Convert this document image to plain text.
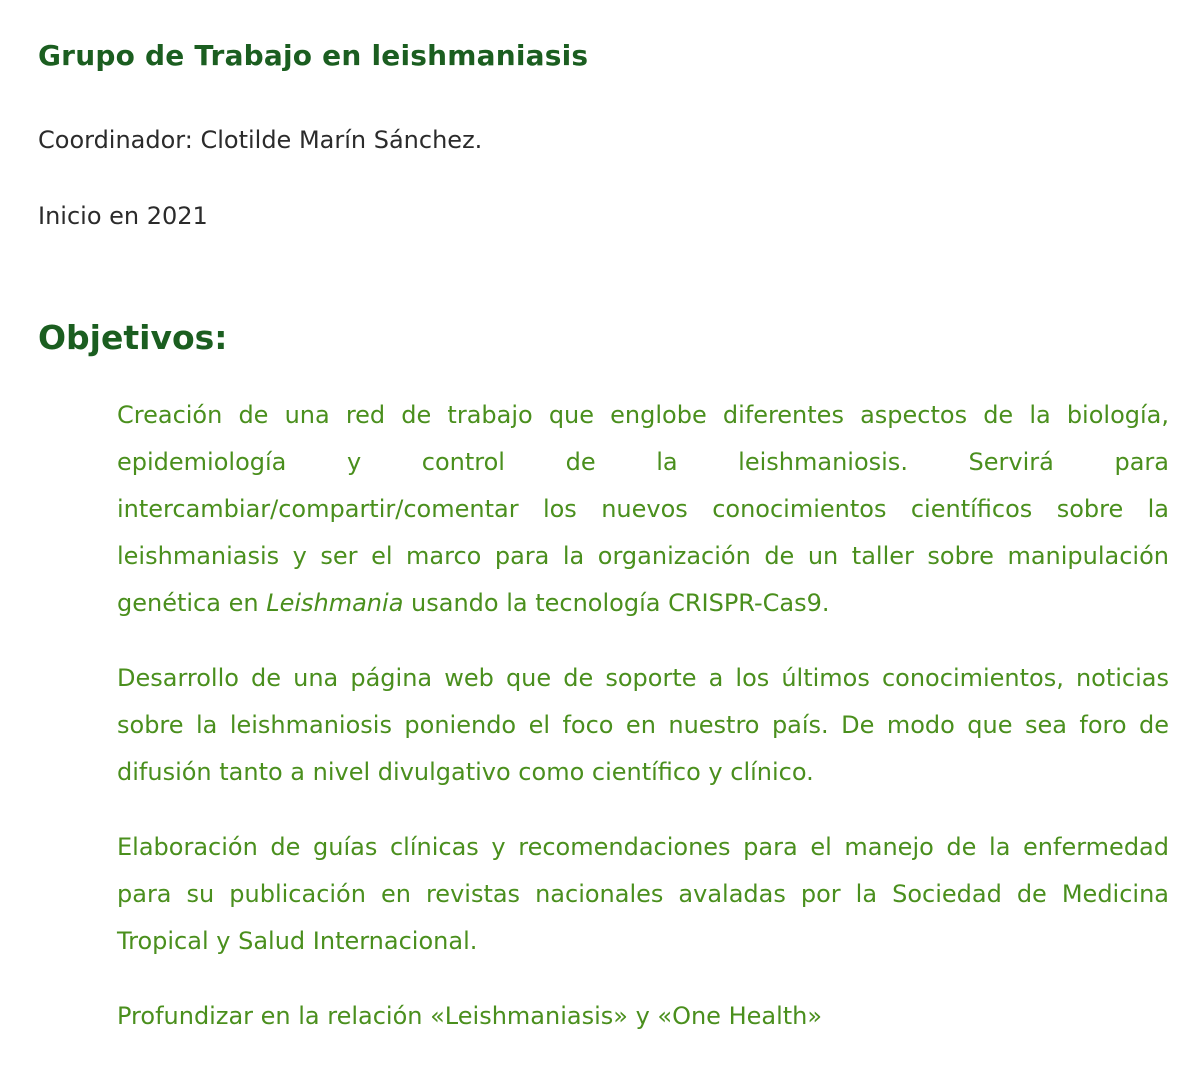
Grupo de Trabajo en leishmaniasis

Coordinador: Clotilde Marín Sánchez.

Inicio en 2021

Objetivos:
Creación de una red de trabajo que englobe diferentes aspectos de la biología, epidemiología y control de la leishmaniosis. Servirá para intercambiar/compartir/comentar los nuevos conocimientos científicos sobre la leishmaniasis y ser el marco para la organización de un taller sobre manipulación genética en Leishmania usando la tecnología CRISPR-Cas9.
Desarrollo de una página web que de soporte a los últimos conocimientos, noticias sobre la leishmaniosis poniendo el foco en nuestro país. De modo que sea foro de difusión tanto a nivel divulgativo como científico y clínico.
Elaboración de guías clínicas y recomendaciones para el manejo de la enfermedad para su publicación en revistas nacionales avaladas por la Sociedad de Medicina Tropical y Salud Internacional.
Profundizar en la relación «Leishmaniasis» y «One Health»
